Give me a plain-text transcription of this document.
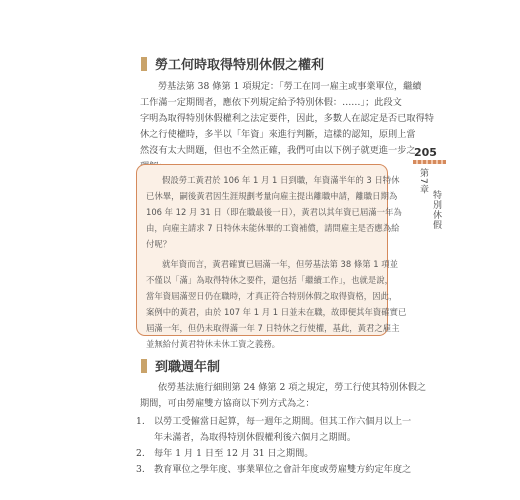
勞工何時取得特別休假之權利
勞基法第 38 條第 1 項規定：「勞工在同一雇主或事業單位，繼續
工作滿一定期間者，應依下列規定給予特別休假：……」；此段文
字明為取得特別休假權利之法定要件，因此，多數人在認定是否已取得特
休之行使權時，多半以「年資」來進行判斷，這樣的認知，原則上當
然沒有太大問題，但也不全然正確，我們可由以下例子就更進一步之
假設勞工黃君於 106 年 1 月 1 日到職，年資滿半年的 3 日特休
已休畢，嗣後黃君因生涯規劃考量向雇主提出離職申請，離職日期為
106 年 12 月 31 日（即在職最後一日），黃君以其年資已屆滿一年為
由，向雇主請求 7 日特休未能休畢的工資補償，請問雇主是否應為給
付呢？
就年資而言，黃君確實已屆滿一年，但勞基法第 38 條第 1 項並
不僅以「滿」為取得特休之要件，還包括「繼續工作」，也就是說，
當年資屆滿翌日仍在職時，才真正符合特別休假之取得資格，因此，
案例中的黃君，由於 107 年 1 月 1 日並未在職，故即便其年資確實已
屆滿一年，但仍未取得滿一年 7 日特休之行使權，基此，黃君之雇主
並無給付黃君特休未休工資之義務。
到職週年制
依勞基法施行細則第 24 條第 2 項之規定，勞工行使其特別休假之
期間，可由勞雇雙方協商以下列方式為之：
1.	以勞工受僱當日起算，每一週年之期間。但其工作六個月以上一
年未滿者，為取得特別休假權利後六個月之期間。
2.	每年 1 月 1 日至 12 月 31 日之期間。
3.	教育單位之學年度、事業單位之會計年度或勞雇雙方約定年度之
205
第7章
特別休假
